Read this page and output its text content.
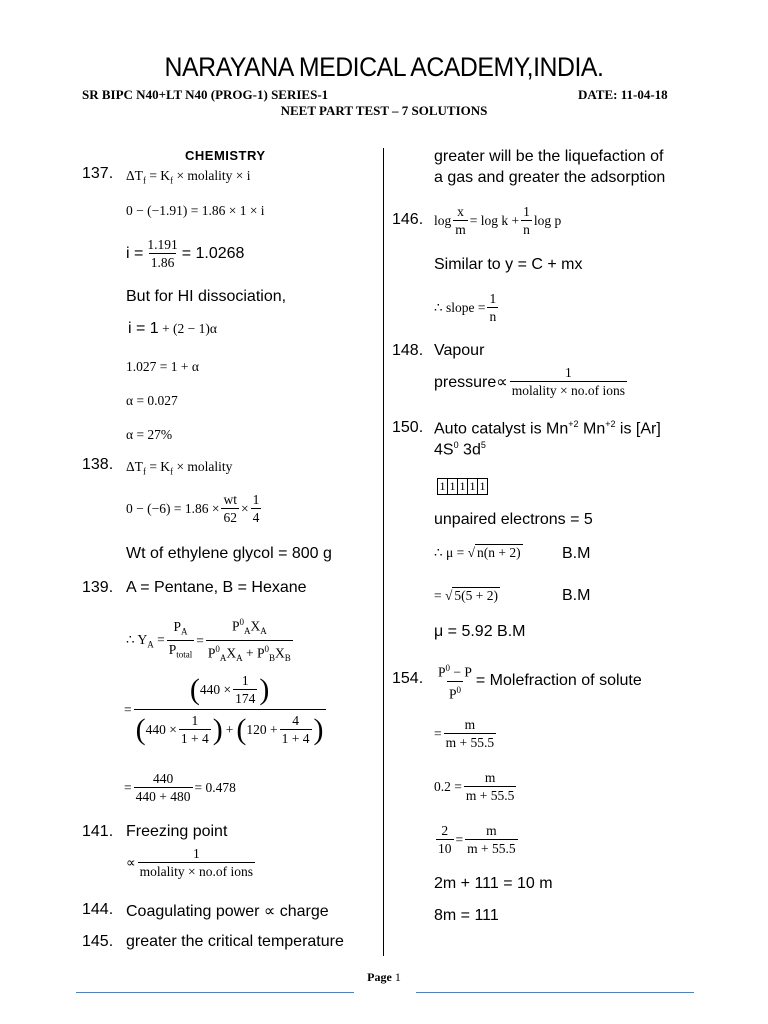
NARAYANA MEDICAL ACADEMY,INDIA.
SR BIPC N40+LT N40 (PROG-1) SERIES-1	DATE: 11-04-18
NEET PART TEST – 7 SOLUTIONS
CHEMISTRY
137. $\Delta T_f = K_f$ × molality × i
0 − (−1.91) = 1.86 × 1 × i
$i = \frac{1.191}{1.86} = 1.0268$
But for HI dissociation,
i = 1 + (2 − 1)α
1.027 = 1 + α
α = 0.027
α = 27%
138. $\Delta T_f = K_f$ × molality
$0 - (-6) = 1.86 \times \frac{wt}{62} \times \frac{1}{4}$
Wt of ethylene glycol = 800 g
139. A = Pentane, B = Hexane
∴ $Y_A = \frac{P_A}{P_{total}} = \frac{P^0_AX_A}{P^0_AX_A + P^0_BX_B}$
= $\frac{( 440 \times \frac{1}{174} )}{( 440 \times \frac{1}{1 + 4} ) + ( 120 + \frac{4}{1 + 4} )}$
= $\frac{440}{440 + 480} = 0.478$
141. Freezing point
∝ $\frac{1}{\text{molality × no.of ions}}$
144. Coagulating power ∝ charge
145. greater the critical temperature
greater will be the liquefaction of
a gas and greater the adsorption
146. $\log \frac{x}{m} = \log k + \frac{1}{n}$ log p
Similar to y = C + mx
∴ slope = $\frac{1}{n}$
148. Vapour
pressure∝ $\frac{1}{\text{molality × no.of ions}}$
150. Auto catalyst is $Mn^{+2}$ $Mn^{+2}$ is [Ar]
$4S^0$ $3d^5$
1 1 1 1 1
unpaired electrons = 5
∴ μ = √ n(n + 2)	B.M
= √ 5(5 + 2)	B.M
μ = 5.92 B.M
154. $\frac{P^0 - P}{P^0}$ = Molefraction of solute
= $\frac{m}{m + 55.5}$
$0.2 = \frac{m}{m + 55.5}$
$\frac{2}{10} = \frac{m}{m + 55.5}$
2m + 111 = 10 m
8m = 111
Page 1
